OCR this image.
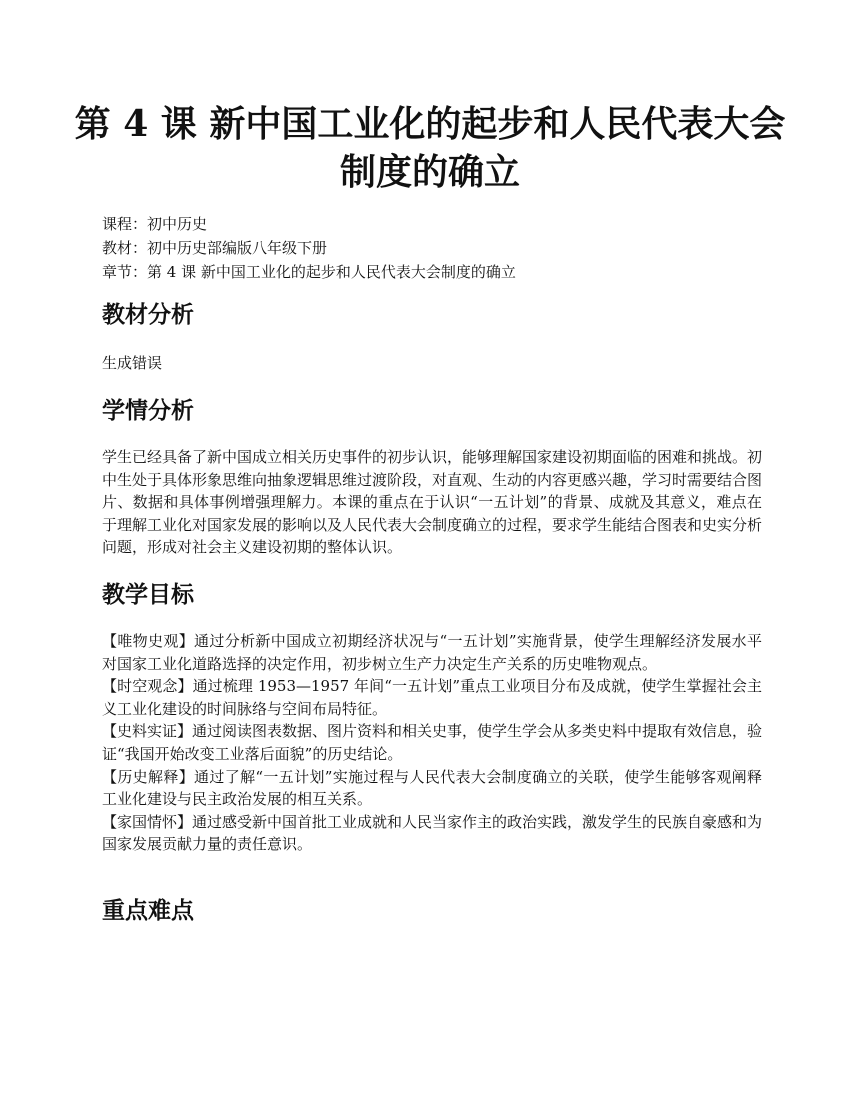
第 4 课 新中国工业化的起步和人民代表大会
制度的确立
课程：初中历史
教材：初中历史部编版八年级下册
章节：第 4 课 新中国工业化的起步和人民代表大会制度的确立
教材分析

生成错误

学情分析

学生已经具备了新中国成立相关历史事件的初步认识，能够理解国家建设初期面临的困难和挑战。初中生处于具体形象思维向抽象逻辑思维过渡阶段，对直观、生动的内容更感兴趣，学习时需要结合图片、数据和具体事例增强理解力。本课的重点在于认识“一五计划”的背景、成就及其意义，难点在于理解工业化对国家发展的影响以及人民代表大会制度确立的过程，要求学生能结合图表和史实分析问题，形成对社会主义建设初期的整体认识。

教学目标

【唯物史观】通过分析新中国成立初期经济状况与“一五计划”实施背景，使学生理解经济发展水平对国家工业化道路选择的决定作用，初步树立生产力决定生产关系的历史唯物观点。

【时空观念】通过梳理 1953—1957 年间“一五计划”重点工业项目分布及成就，使学生掌握社会主义工业化建设的时间脉络与空间布局特征。

【史料实证】通过阅读图表数据、图片资料和相关史事，使学生学会从多类史料中提取有效信息，验证“我国开始改变工业落后面貌”的历史结论。

【历史解释】通过了解“一五计划”实施过程与人民代表大会制度确立的关联，使学生能够客观阐释工业化建设与民主政治发展的相互关系。

【家国情怀】通过感受新中国首批工业成就和人民当家作主的政治实践，激发学生的民族自豪感和为国家发展贡献力量的责任意识。

重点难点
